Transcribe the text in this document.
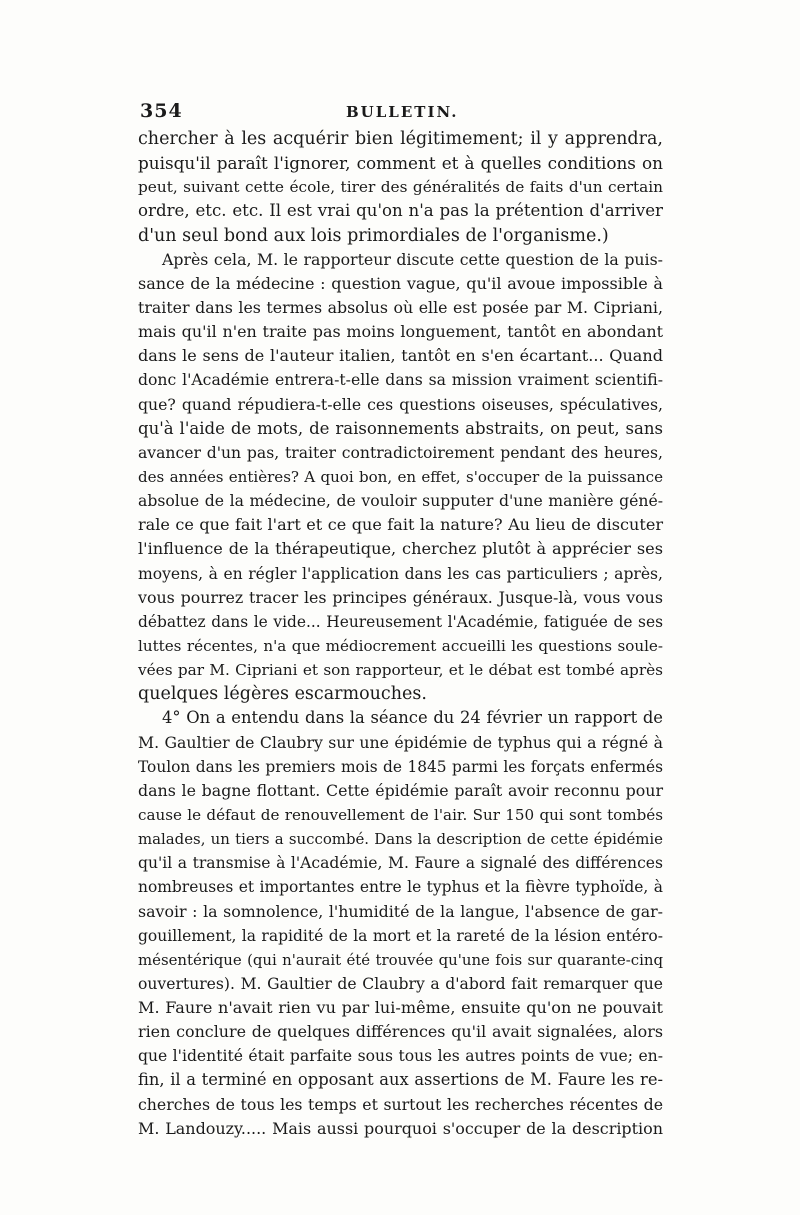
354	BULLETIN.
chercher à les acquérir bien légitimement; il y apprendra,
puisqu'il paraît l'ignorer, comment et à quelles conditions on
peut, suivant cette école, tirer des généralités de faits d'un certain
ordre, etc. etc. Il est vrai qu'on n'a pas la prétention d'arriver
d'un seul bond aux lois primordiales de l'organisme.)
Après cela, M. le rapporteur discute cette question de la puis-
sance de la médecine : question vague, qu'il avoue impossible à
traiter dans les termes absolus où elle est posée par M. Cipriani,
mais qu'il n'en traite pas moins longuement, tantôt en abondant
dans le sens de l'auteur italien, tantôt en s'en écartant... Quand
donc l'Académie entrera-t-elle dans sa mission vraiment scientifi-
que? quand répudiera-t-elle ces questions oiseuses, spéculatives,
qu'à l'aide de mots, de raisonnements abstraits, on peut, sans
avancer d'un pas, traiter contradictoirement pendant des heures,
des années entières? A quoi bon, en effet, s'occuper de la puissance
absolue de la médecine, de vouloir supputer d'une manière géné-
rale ce que fait l'art et ce que fait la nature? Au lieu de discuter
l'influence de la thérapeutique, cherchez plutôt à apprécier ses
moyens, à en régler l'application dans les cas particuliers ; après,
vous pourrez tracer les principes généraux. Jusque-là, vous vous
débattez dans le vide... Heureusement l'Académie, fatiguée de ses
luttes récentes, n'a que médiocrement accueilli les questions soule-
vées par M. Cipriani et son rapporteur, et le débat est tombé après
quelques légères escarmouches.
4° On a entendu dans la séance du 24 février un rapport de
M. Gaultier de Claubry sur une épidémie de typhus qui a régné à
Toulon dans les premiers mois de 1845 parmi les forçats enfermés
dans le bagne flottant. Cette épidémie paraît avoir reconnu pour
cause le défaut de renouvellement de l'air. Sur 150 qui sont tombés
malades, un tiers a succombé. Dans la description de cette épidémie
qu'il a transmise à l'Académie, M. Faure a signalé des différences
nombreuses et importantes entre le typhus et la fièvre typhoïde, à
savoir : la somnolence, l'humidité de la langue, l'absence de gar-
gouillement, la rapidité de la mort et la rareté de la lésion entéro-
mésentérique (qui n'aurait été trouvée qu'une fois sur quarante-cinq
ouvertures). M. Gaultier de Claubry a d'abord fait remarquer que
M. Faure n'avait rien vu par lui-même, ensuite qu'on ne pouvait
rien conclure de quelques différences qu'il avait signalées, alors
que l'identité était parfaite sous tous les autres points de vue; en-
fin, il a terminé en opposant aux assertions de M. Faure les re-
cherches de tous les temps et surtout les recherches récentes de
M. Landouzy..... Mais aussi pourquoi s'occuper de la description
